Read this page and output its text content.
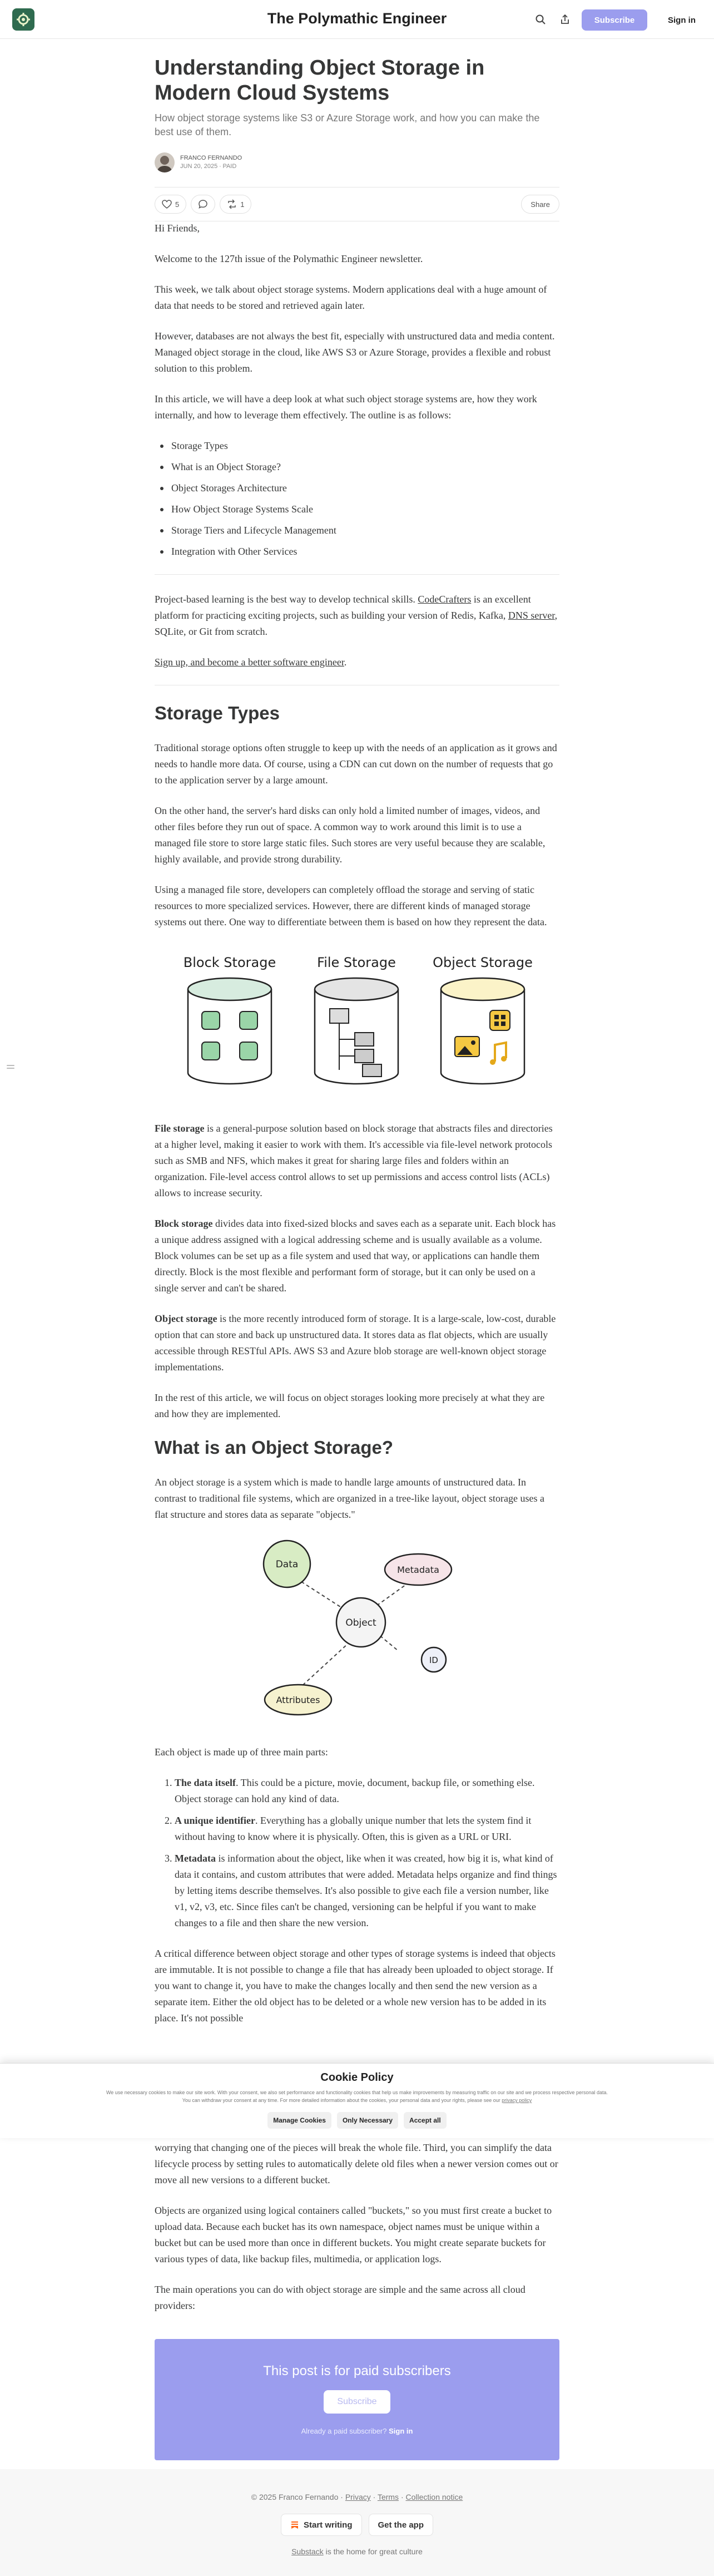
The Polymathic Engineer	Subscribe	Sign in
Understanding Object Storage in Modern Cloud Systems
How object storage systems like S3 or Azure Storage work, and how you can make the best use of them.
FRANCO FERNANDO
JUN 20, 2025 ∙ PAID
5	1	Share

Hi Friends,

Welcome to the 127th issue of the Polymathic Engineer newsletter.

This week, we talk about object storage systems. Modern applications deal with a huge amount of data that needs to be stored and retrieved again later.

However, databases are not always the best fit, especially with unstructured data and media content. Managed object storage in the cloud, like AWS S3 or Azure Storage, provides a flexible and robust solution to this problem.

In this article, we will have a deep look at what such object storage systems are, how they work internally, and how to leverage them effectively. The outline is as follows:

Storage Types
What is an Object Storage?
Object Storages Architecture
How Object Storage Systems Scale
Storage Tiers and Lifecycle Management
Integration with Other Services

Project-based learning is the best way to develop technical skills. CodeCrafters is an excellent platform for practicing exciting projects, such as building your version of Redis, Kafka, DNS server, SQLite, or Git from scratch.

Sign up, and become a better software engineer.

Storage Types

Traditional storage options often struggle to keep up with the needs of an application as it grows and needs to handle more data. Of course, using a CDN can cut down on the number of requests that go to the application server by a large amount.

On the other hand, the server's hard disks can only hold a limited number of images, videos, and other files before they run out of space. A common way to work around this limit is to use a managed file store to store large static files. Such stores are very useful because they are scalable, highly available, and provide strong durability.

Using a managed file store, developers can completely offload the storage and serving of static resources to more specialized services. However, there are different kinds of managed storage systems out there. One way to differentiate between them is based on how they represent the data.

Block Storage	File Storage	Object Storage

File storage is a general-purpose solution based on block storage that abstracts files and directories at a higher level, making it easier to work with them. It's accessible via file-level network protocols such as SMB and NFS, which makes it great for sharing large files and folders within an organization. File-level access control allows to set up permissions and access control lists (ACLs) allows to increase security.

Block storage divides data into fixed-sized blocks and saves each as a separate unit. Each block has a unique address assigned with a logical addressing scheme and is usually available as a volume. Block volumes can be set up as a file system and used that way, or applications can handle them directly. Block is the most flexible and performant form of storage, but it can only be used on a single server and can't be shared.

Object storage is the more recently introduced form of storage. It is a large-scale, low-cost, durable option that can store and back up unstructured data. It stores data as flat objects, which are usually accessible through RESTful APIs. AWS S3 and Azure blob storage are well-known object storage implementations.

In the rest of this article, we will focus on object storages looking more precisely at what they are and how they are implemented.

What is an Object Storage?

An object storage is a system which is made to handle large amounts of unstructured data. In contrast to traditional file systems, which are organized in a tree-like layout, object storage uses a flat structure and stores data as separate "objects."

Data	Metadata
Object
ID
Attributes

Each object is made up of three main parts:

1. The data itself. This could be a picture, movie, document, backup file, or something else. Object storage can hold any kind of data.
2. A unique identifier. Everything has a globally unique number that lets the system find it without having to know where it is physically. Often, this is given as a URL or URI.
3. Metadata is information about the object, like when it was created, how big it is, what kind of data it contains, and custom attributes that were added. Metadata helps organize and find things by letting items describe themselves. It's also possible to give each file a version number, like v1, v2, v3, etc. Since files can't be changed, versioning can be helpful if you want to make changes to a file and then share the new version.

A critical difference between object storage and other types of storage systems is indeed that objects are immutable. It is not possible to change a file that has already been uploaded to object storage. If you want to change it, you have to make the changes locally and then send the new version as a separate item. Either the old object has to be deleted or a whole new version has to be added in its place. It's not possible

worrying that changing one of the pieces will break the whole file. Third, you can simplify the data lifecycle process by setting rules to automatically delete old files when a newer version comes out or move all new versions to a different bucket.

Objects are organized using logical containers called "buckets," so you must first create a bucket to upload data. Because each bucket has its own namespace, object names must be unique within a bucket but can be used more than once in different buckets. You might create separate buckets for various types of data, like backup files, multimedia, or application logs.

The main operations you can do with object storage are simple and the same across all cloud providers:

Cookie Policy
We use necessary cookies to make our site work. With your consent, we also set performance and functionality cookies that help us make improvements by measuring traffic on our site and we process respective personal data.
You can withdraw your consent at any time. For more detailed information about the cookies, your personal data and your rights, please see our privacy policy
Manage Cookies	Only Necessary	Accept all
This post is for paid subscribers
Subscribe
Already a paid subscriber? Sign in
© 2025 Franco Fernando · Privacy · Terms · Collection notice
Start writing	Get the app
Substack is the home for great culture
